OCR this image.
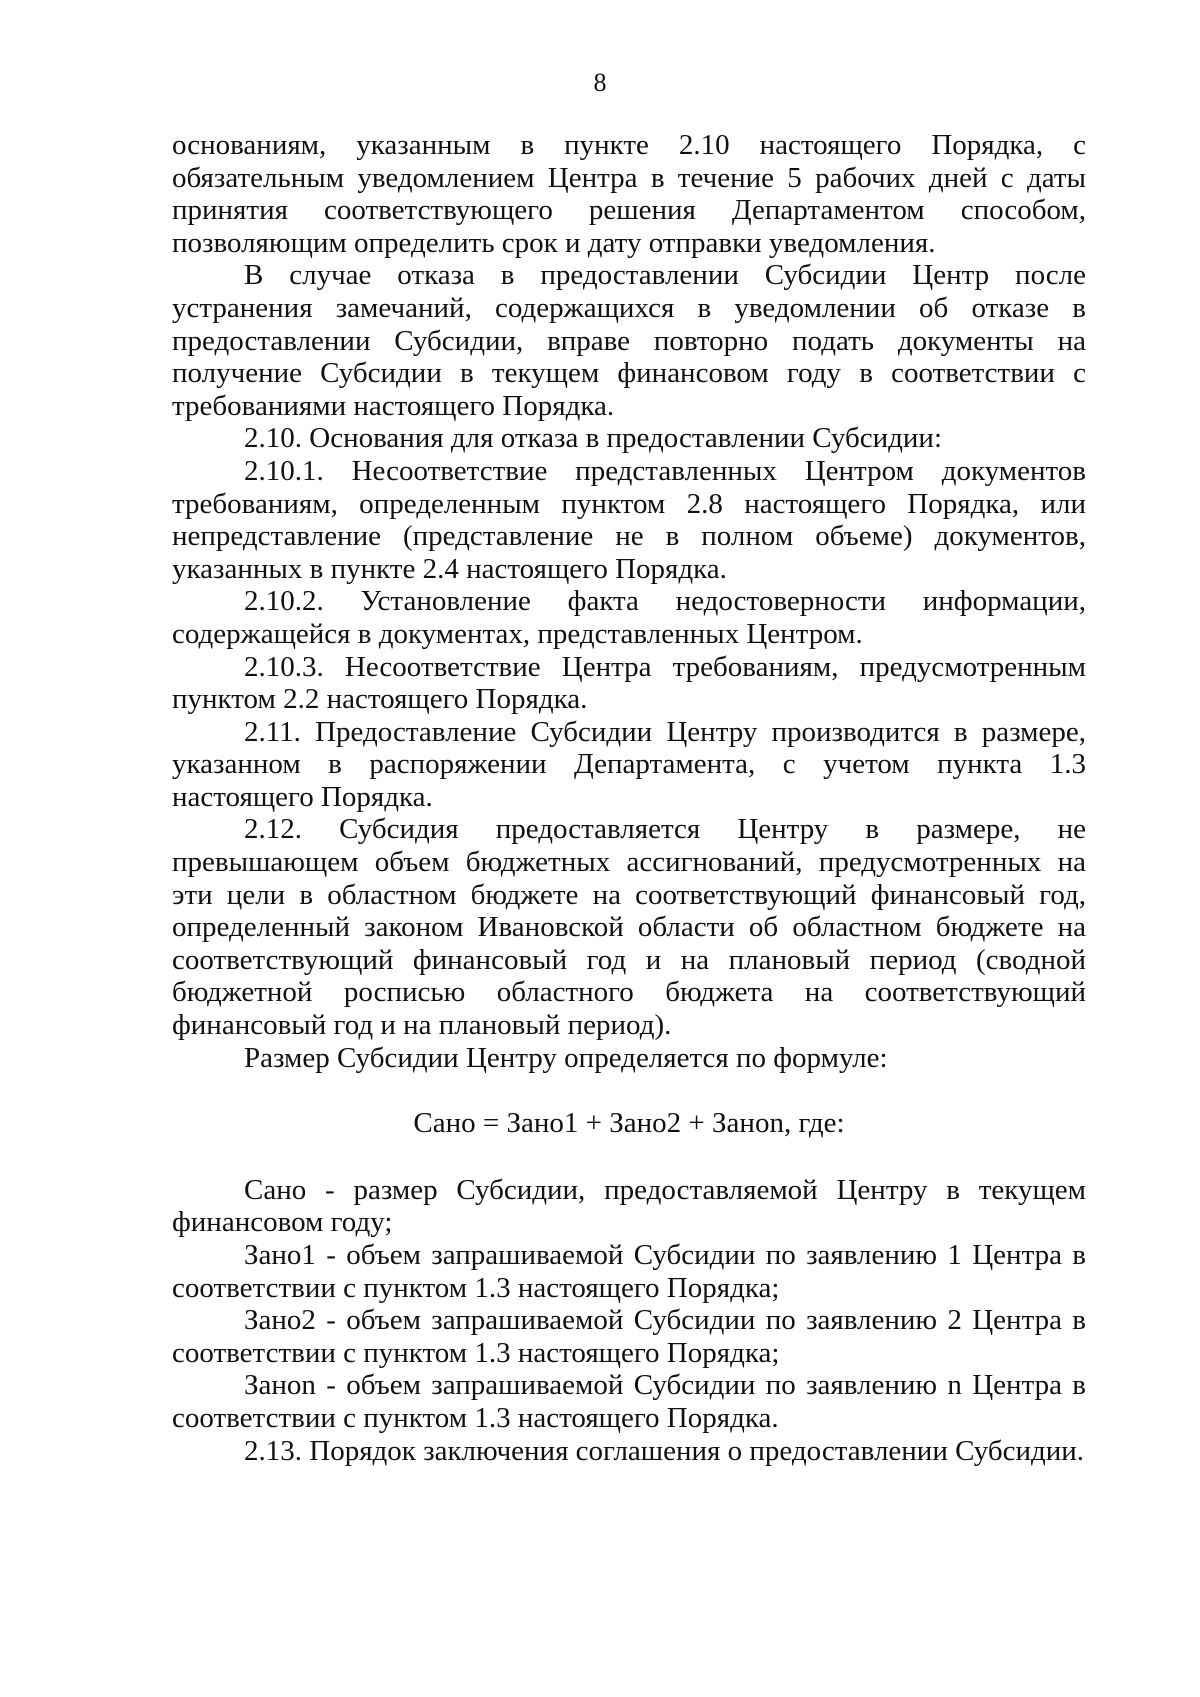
8

основаниям, указанным в пункте 2.10 настоящего Порядка, с обязательным уведомлением Центра в течение 5 рабочих дней с даты принятия соответствующего решения Департаментом способом, позволяющим определить срок и дату отправки уведомления.

В случае отказа в предоставлении Субсидии Центр после устранения замечаний, содержащихся в уведомлении об отказе в предоставлении Субсидии, вправе повторно подать документы на получение Субсидии в текущем финансовом году в соответствии с требованиями настоящего Порядка.

2.10. Основания для отказа в предоставлении Субсидии:

2.10.1. Несоответствие представленных Центром документов требованиям, определенным пунктом 2.8 настоящего Порядка, или непредставление (представление не в полном объеме) документов, указанных в пункте 2.4 настоящего Порядка.

2.10.2. Установление факта недостоверности информации, содержащейся в документах, представленных Центром.

2.10.3. Несоответствие Центра требованиям, предусмотренным пунктом 2.2 настоящего Порядка.

2.11. Предоставление Субсидии Центру производится в размере, указанном в распоряжении Департамента, с учетом пункта 1.3 настоящего Порядка.

2.12. Субсидия предоставляется Центру в размере, не превышающем объем бюджетных ассигнований, предусмотренных на эти цели в областном бюджете на соответствующий финансовый год, определенный законом Ивановской области об областном бюджете на соответствующий финансовый год и на плановый период (сводной бюджетной росписью областного бюджета на соответствующий финансовый год и на плановый период).

Размер Субсидии Центру определяется по формуле:

Сано = Зано1 + Зано2 + Занon, где:

Сано - размер Субсидии, предоставляемой Центру в текущем финансовом году;

Зано1 - объем запрашиваемой Субсидии по заявлению 1 Центра в соответствии с пунктом 1.3 настоящего Порядка;

Зано2 - объем запрашиваемой Субсидии по заявлению 2 Центра в соответствии с пунктом 1.3 настоящего Порядка;

Занon - объем запрашиваемой Субсидии по заявлению n Центра в соответствии с пунктом 1.3 настоящего Порядка.

2.13. Порядок заключения соглашения о предоставлении Субсидии.
